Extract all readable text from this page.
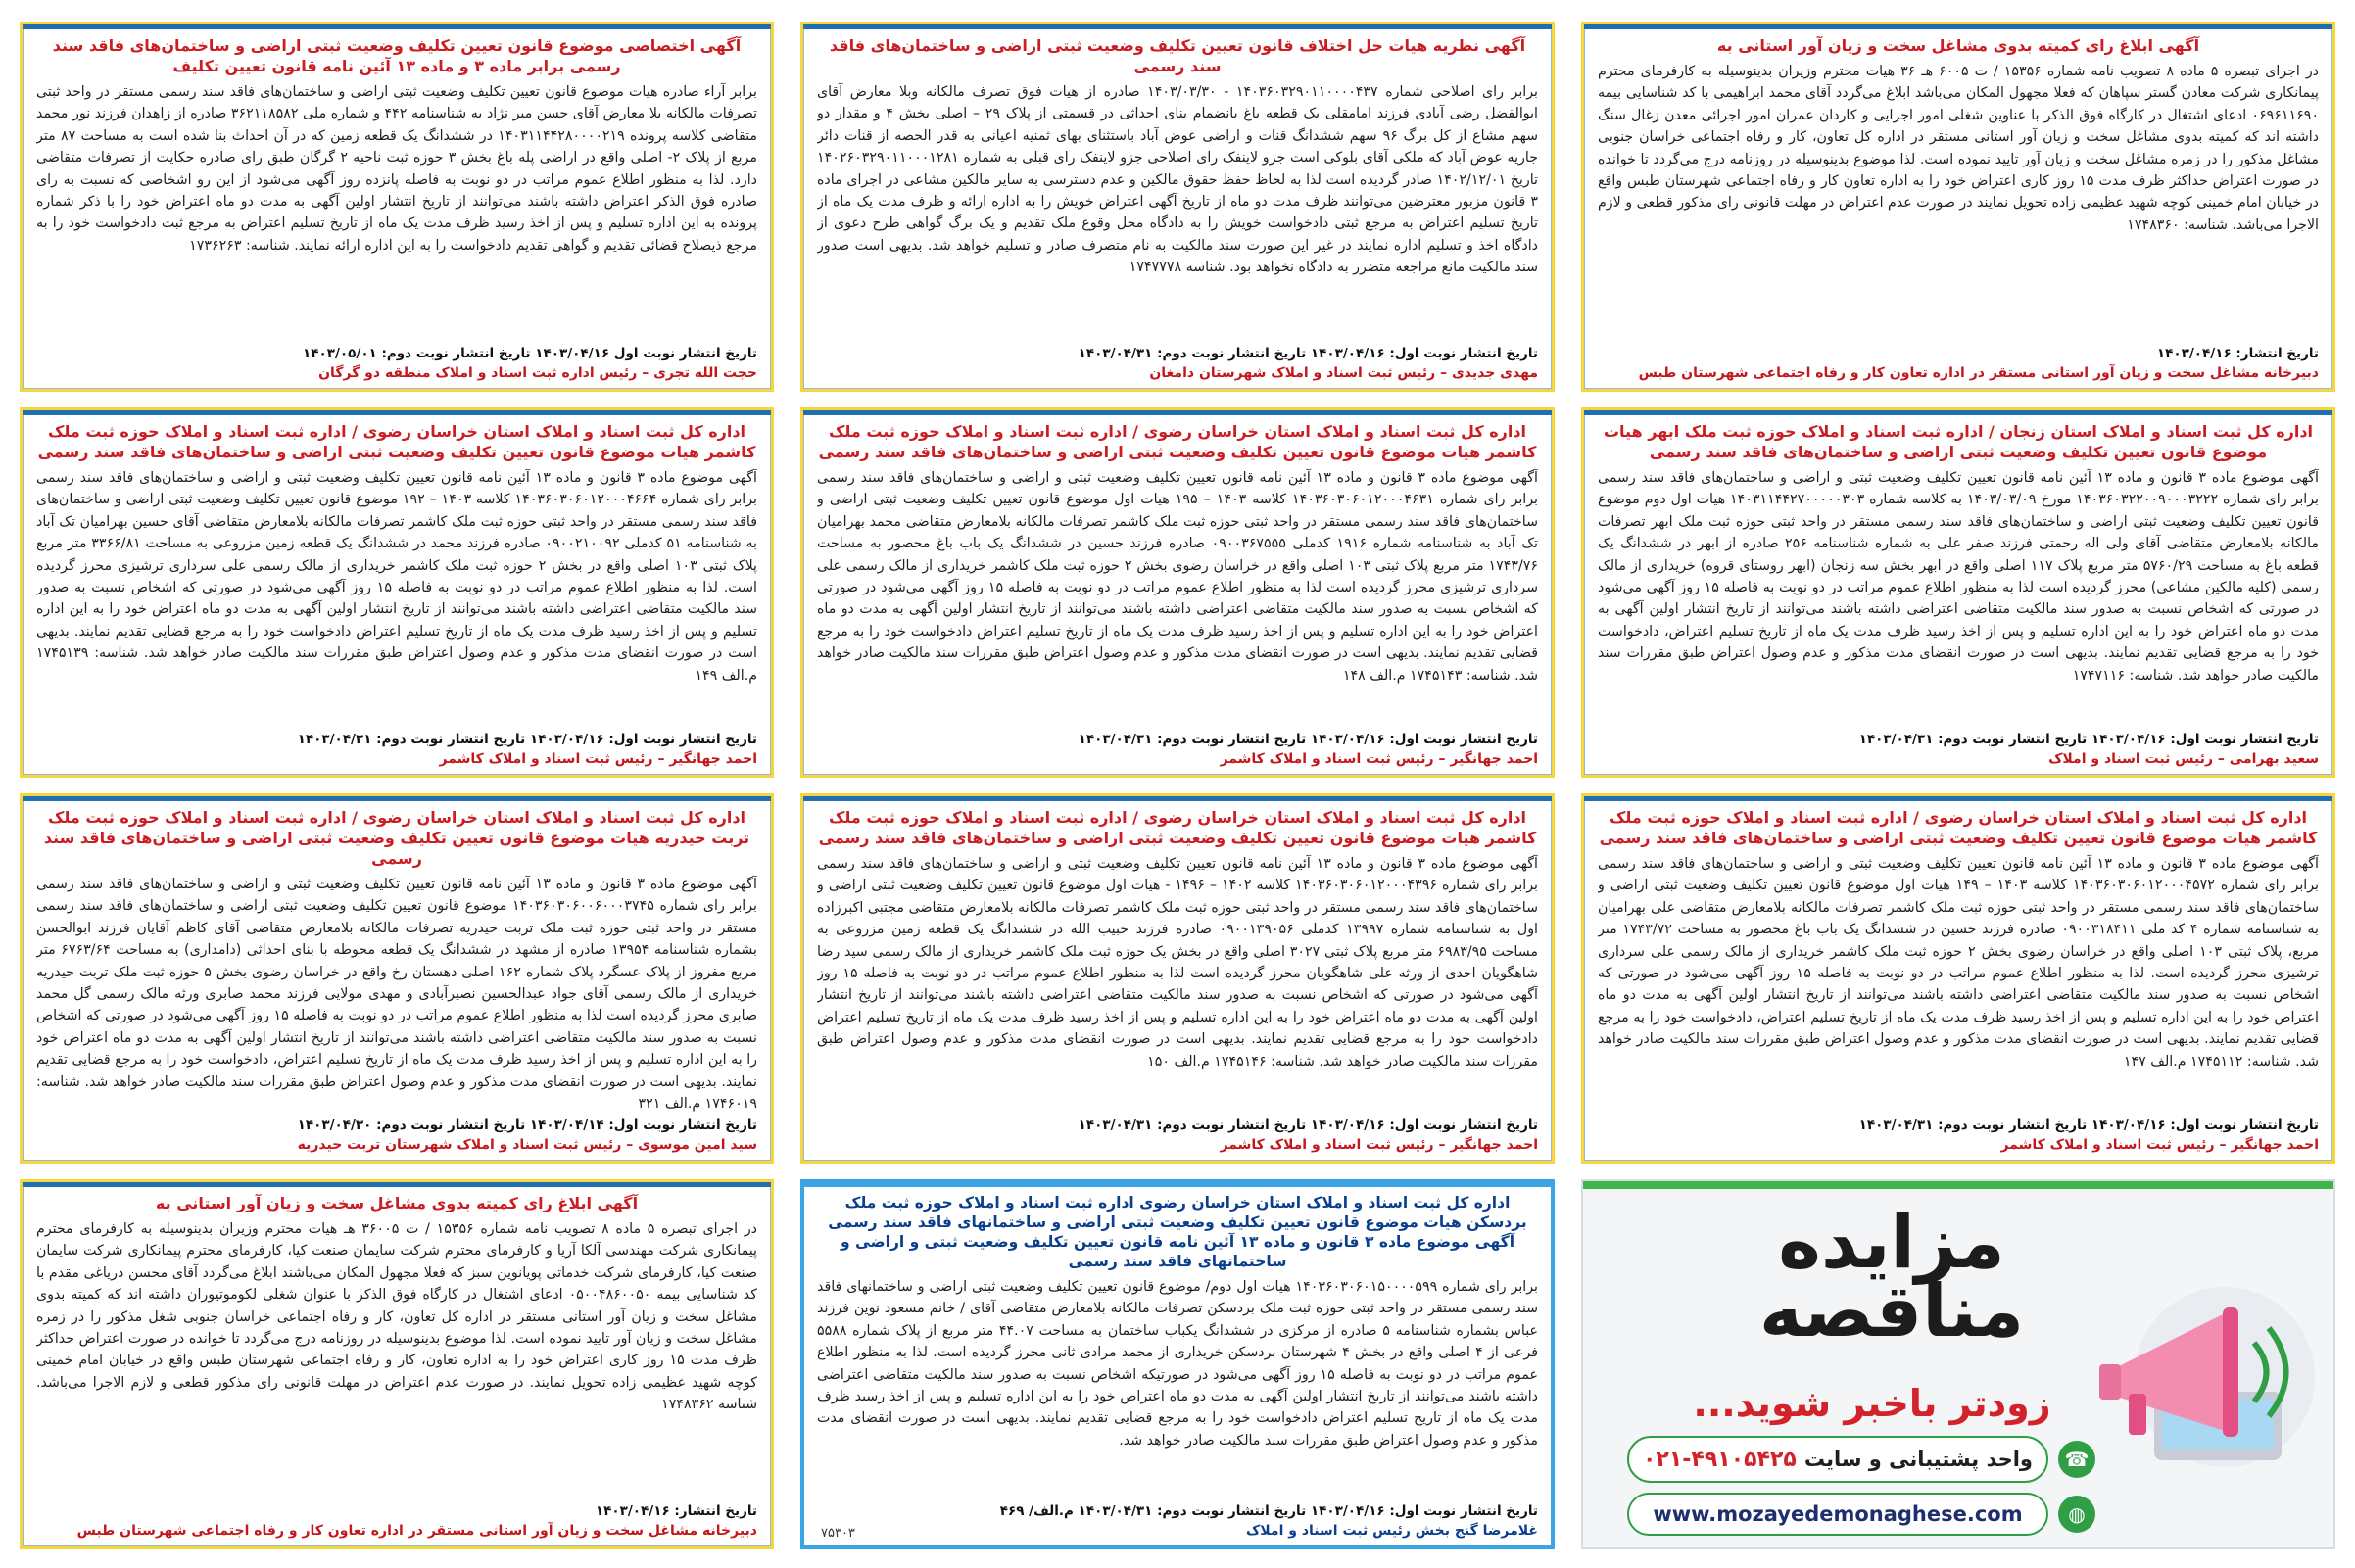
آگهی اختصاصی موضوع قانون تعیین تکلیف وضعیت ثبتی اراضی و ساختمان‌های فاقد سند رسمی برابر ماده ۳ و ماده ۱۳ آئین نامه قانون تعیین تکلیف
برابر آراء صادره هیات موضوع قانون تعیین تکلیف وضعیت ثبتی اراضی و ساختمان‌های فاقد سند رسمی مستقر در واحد ثبتی تصرفات مالکانه بلا معارض آقای حسن میر نژاد به شناسنامه ۴۴۲ و شماره ملی ۳۶۲۱۱۸۵۸۲ صادره از زاهدان فرزند نور محمد متقاضی کلاسه پرونده ۱۴۰۳۱۱۴۴۲۸۰۰۰۰۲۱۹ در ششدانگ یک قطعه زمین که در آن احداث بنا شده است به مساحت ۸۷ متر مربع از پلاک ۲- اصلی واقع در اراضی پله باغ بخش ۳ حوزه ثبت ناحیه ۲ گرگان طبق رای صادره حکایت از تصرفات متقاضی دارد. لذا به منظور اطلاع عموم مراتب در دو نوبت به فاصله پانزده روز آگهی می‌شود از این رو اشخاصی که نسبت به رای صادره فوق الذکر اعتراض داشته باشند می‌توانند از تاریخ انتشار اولین آگهی به مدت دو ماه اعتراض خود را با ذکر شماره پرونده به این اداره تسلیم و پس از اخذ رسید ظرف مدت یک ماه از تاریخ تسلیم اعتراض به مرجع ثبت دادخواست خود را به مرجع ذیصلاح قضائی تقدیم و گواهی تقدیم دادخواست را به این اداره ارائه نمایند. شناسه: ۱۷۳۶۲۶۳
تاریخ انتشار نوبت اول ۱۴۰۳/۰۴/۱۶ تاریخ انتشار نوبت دوم: ۱۴۰۳/۰۵/۰۱
حجت الله تجری – رئیس اداره ثبت اسناد و املاک منطقه دو گرگان
آگهی نظریه هیات حل اختلاف قانون تعیین تکلیف وضعیت ثبتی اراضی و ساختمان‌های فاقد سند رسمی
برابر رای اصلاحی شماره ۱۴۰۳۶۰۳۲۹۰۱۱۰۰۰۰۴۳۷ - ۱۴۰۳/۰۳/۳۰ صادره از هیات فوق تصرف مالکانه وبلا معارض آقای ابوالفضل رضی آبادی فرزند امامقلی یک قطعه باغ بانضمام بنای احداثی در قسمتی از پلاک ۲۹ – اصلی بخش ۴ و مقدار دو سهم مشاع از کل برگ ۹۶ سهم ششدانگ قنات و اراضی عوض آباد باستثنای بهای ثمنیه اعیانی به قدر الحصه از قنات دائر جاریه عوض آباد که ملکی آقای بلوکی است جزو لاینفک رای اصلاحی جزو لاینفک رای قبلی به شماره ۱۴۰۲۶۰۳۲۹۰۱۱۰۰۰۱۲۸۱ تاریخ ۱۴۰۲/۱۲/۰۱ صادر گردیده است لذا به لحاظ حفظ حقوق مالکین و عدم دسترسی به سایر مالکین مشاعی در اجرای ماده ۳ قانون مزبور معترضین می‌توانند ظرف مدت دو ماه از تاریخ آگهی اعتراض خویش را به اداره ارائه و ظرف مدت یک ماه از تاریخ تسلیم اعتراض به مرجع ثبتی دادخواست خویش را به دادگاه محل وقوع ملک تقدیم و یک برگ گواهی طرح دعوی از دادگاه اخذ و تسلیم اداره نمایند در غیر این صورت سند مالکیت به نام متصرف صادر و تسلیم خواهد شد. بدیهی است صدور سند مالکیت مانع مراجعه متضرر به دادگاه نخواهد بود. شناسه ۱۷۴۷۷۷۸
تاریخ انتشار نوبت اول: ۱۴۰۳/۰۴/۱۶ تاریخ انتشار نوبت دوم: ۱۴۰۳/۰۴/۳۱
مهدی جدیدی – رئیس ثبت اسناد و املاک شهرستان دامغان
آگهی ابلاغ رای کمیته بدوی مشاغل سخت و زیان آور استانی به
در اجرای تبصره ۵ ماده ۸ تصویب نامه شماره ۱۵۳۵۶ / ت ۶۰۰۵ هـ ۳۶ هیات محترم وزیران بدینوسیله به کارفرمای محترم پیمانکاری شرکت معادن گستر سپاهان که فعلا مجهول المکان می‌باشد ابلاغ می‌گردد آقای محمد ابراهیمی با کد شناسایی بیمه ۰۶۹۶۱۱۶۹۰ ادعای اشتغال در کارگاه فوق الذکر با عناوین شغلی امور اجرایی و کاردان عمران امور اجرائی معدن زغال سنگ داشته اند که کمیته بدوی مشاغل سخت و زیان آور استانی مستقر در اداره کل تعاون، کار و رفاه اجتماعی خراسان جنوبی مشاغل مذکور را در زمره مشاغل سخت و زیان آور تایید نموده است. لذا موضوع بدینوسیله در روزنامه درج می‌گردد تا خوانده در صورت اعتراض حداکثر ظرف مدت ۱۵ روز کاری اعتراض خود را به اداره تعاون کار و رفاه اجتماعی شهرستان طبس واقع در خیابان امام خمینی کوچه شهید عظیمی زاده تحویل نمایند در صورت عدم اعتراض در مهلت قانونی رای مذکور قطعی و لازم الاجرا می‌باشد. شناسه: ۱۷۴۸۳۶۰
تاریخ انتشار: ۱۴۰۳/۰۴/۱۶
دبیرخانه مشاغل سخت و زیان آور استانی مستقر در اداره تعاون کار و رفاه اجتماعی شهرستان طبس
اداره کل ثبت اسناد و املاک استان خراسان رضوی / اداره ثبت اسناد و املاک حوزه ثبت ملک کاشمر هیات موضوع قانون تعیین تکلیف وضعیت ثبتی اراضی و ساختمان‌های فاقد سند رسمی
آگهی موضوع ماده ۳ قانون و ماده ۱۳ آئین نامه قانون تعیین تکلیف وضعیت ثبتی و اراضی و ساختمان‌های فاقد سند رسمی برابر رای شماره ۱۴۰۳۶۰۳۰۶۰۱۲۰۰۰۴۶۶۴ کلاسه ۱۴۰۳ – ۱۹۲ موضوع قانون تعیین تکلیف وضعیت ثبتی اراضی و ساختمان‌های فاقد سند رسمی مستقر در واحد ثبتی حوزه ثبت ملک کاشمر تصرفات مالکانه بلامعارض متقاضی آقای حسین بهرامیان تک آباد به شناسنامه ۵۱ کدملی ۰۹۰۰۲۱۰۰۹۲ صادره فرزند محمد در ششدانگ یک قطعه زمین مزروعی به مساحت ۳۳۶۶/۸۱ متر مربع پلاک ثبتی ۱۰۳ اصلی واقع در بخش ۲ حوزه ثبت ملک کاشمر خریداری از مالک رسمی علی سرداری ترشیزی محرز گردیده است. لذا به منظور اطلاع عموم مراتب در دو نوبت به فاصله ۱۵ روز آگهی می‌شود در صورتی که اشخاص نسبت به صدور سند مالکیت متقاضی اعتراضی داشته باشند می‌توانند از تاریخ انتشار اولین آگهی به مدت دو ماه اعتراض خود را به این اداره تسلیم و پس از اخذ رسید ظرف مدت یک ماه از تاریخ تسلیم اعتراض دادخواست خود را به مرجع قضایی تقدیم نمایند. بدیهی است در صورت انقضای مدت مذکور و عدم وصول اعتراض طبق مقررات سند مالکیت صادر خواهد شد. شناسه: ۱۷۴۵۱۳۹ م.الف ۱۴۹
تاریخ انتشار نوبت اول: ۱۴۰۳/۰۴/۱۶ تاریخ انتشار نوبت دوم: ۱۴۰۳/۰۴/۳۱
احمد جهانگیر – رئیس ثبت اسناد و املاک کاشمر
اداره کل ثبت اسناد و املاک استان خراسان رضوی / اداره ثبت اسناد و املاک حوزه ثبت ملک کاشمر هیات موضوع قانون تعیین تکلیف وضعیت ثبتی اراضی و ساختمان‌های فاقد سند رسمی
آگهی موضوع ماده ۳ قانون و ماده ۱۳ آئین نامه قانون تعیین تکلیف وضعیت ثبتی و اراضی و ساختمان‌های فاقد سند رسمی برابر رای شماره ۱۴۰۳۶۰۳۰۶۰۱۲۰۰۰۴۶۳۱ کلاسه ۱۴۰۳ – ۱۹۵ هیات اول موضوع قانون تعیین تکلیف وضعیت ثبتی اراضی و ساختمان‌های فاقد سند رسمی مستقر در واحد ثبتی حوزه ثبت ملک کاشمر تصرفات مالکانه بلامعارض متقاضی محمد بهرامیان تک آباد به شناسنامه شماره ۱۹۱۶ کدملی ۰۹۰۰۳۶۷۵۵۵ صادره فرزند حسین در ششدانگ یک باب باغ محصور به مساحت ۱۷۴۳/۷۶ متر مربع پلاک ثبتی ۱۰۳ اصلی واقع در خراسان رضوی بخش ۲ حوزه ثبت ملک کاشمر خریداری از مالک رسمی علی سرداری ترشیزی محرز گردیده است لذا به منظور اطلاع عموم مراتب در دو نوبت به فاصله ۱۵ روز آگهی می‌شود در صورتی که اشخاص نسبت به صدور سند مالکیت متقاضی اعتراضی داشته باشند می‌توانند از تاریخ انتشار اولین آگهی به مدت دو ماه اعتراض خود را به این اداره تسلیم و پس از اخذ رسید ظرف مدت یک ماه از تاریخ تسلیم اعتراض دادخواست خود را به مرجع قضایی تقدیم نمایند. بدیهی است در صورت انقضای مدت مذکور و عدم وصول اعتراض طبق مقررات سند مالکیت صادر خواهد شد. شناسه: ۱۷۴۵۱۴۳ م.الف ۱۴۸
تاریخ انتشار نوبت اول: ۱۴۰۳/۰۴/۱۶ تاریخ انتشار نوبت دوم: ۱۴۰۳/۰۴/۳۱
احمد جهانگیر – رئیس ثبت اسناد و املاک کاشمر
اداره کل ثبت اسناد و املاک استان زنجان / اداره ثبت اسناد و املاک حوزه ثبت ملک ابهر هیات موضوع قانون تعیین تکلیف وضعیت ثبتی اراضی و ساختمان‌های فاقد سند رسمی
آگهی موضوع ماده ۳ قانون و ماده ۱۳ آئین نامه قانون تعیین تکلیف وضعیت ثبتی و اراضی و ساختمان‌های فاقد سند رسمی برابر رای شماره ۱۴۰۳۶۰۳۲۲۰۰۹۰۰۰۳۲۲۲ مورخ ۱۴۰۳/۰۳/۰۹ به کلاسه شماره ۱۴۰۳۱۱۴۴۲۷۰۰۰۰۰۳۰۳ هیات اول دوم موضوع قانون تعیین تکلیف وضعیت ثبتی اراضی و ساختمان‌های فاقد سند رسمی مستقر در واحد ثبتی حوزه ثبت ملک ابهر تصرفات مالکانه بلامعارض متقاضی آقای ولی اله رحمتی فرزند صفر علی به شماره شناسنامه ۲۵۶ صادره از ابهر در ششدانگ یک قطعه باغ به مساحت ۵۷۶۰/۲۹ متر مربع پلاک ۱۱۷ اصلی واقع در ابهر بخش سه زنجان (ابهر روستای قروه) خریداری از مالک رسمی (کلیه مالکین مشاعی) محرز گردیده است لذا به منظور اطلاع عموم مراتب در دو نوبت به فاصله ۱۵ روز آگهی می‌شود در صورتی که اشخاص نسبت به صدور سند مالکیت متقاضی اعتراضی داشته باشند می‌توانند از تاریخ انتشار اولین آگهی به مدت دو ماه اعتراض خود را به این اداره تسلیم و پس از اخذ رسید ظرف مدت یک ماه از تاریخ تسلیم اعتراض، دادخواست خود را به مرجع قضایی تقدیم نمایند. بدیهی است در صورت انقضای مدت مذکور و عدم وصول اعتراض طبق مقررات سند مالکیت صادر خواهد شد. شناسه: ۱۷۴۷۱۱۶
تاریخ انتشار نوبت اول: ۱۴۰۳/۰۴/۱۶ تاریخ انتشار نوبت دوم: ۱۴۰۳/۰۴/۳۱
سعید بهرامی – رئیس ثبت اسناد و املاک
اداره کل ثبت اسناد و املاک استان خراسان رضوی / اداره ثبت اسناد و املاک حوزه ثبت ملک تربت حیدریه هیات موضوع قانون تعیین تکلیف وضعیت ثبتی اراضی و ساختمان‌های فاقد سند رسمی
آگهی موضوع ماده ۳ قانون و ماده ۱۳ آئین نامه قانون تعیین تکلیف وضعیت ثبتی و اراضی و ساختمان‌های فاقد سند رسمی برابر رای شماره ۱۴۰۳۶۰۳۰۶۰۰۶۰۰۰۳۷۴۵ موضوع قانون تعیین تکلیف وضعیت ثبتی اراضی و ساختمان‌های فاقد سند رسمی مستقر در واحد ثبتی حوزه ثبت ملک تربت حیدریه تصرفات مالکانه بلامعارض متقاضی آقای کاظم آقایان فرزند ابوالحسن بشماره شناسنامه ۱۳۹۵۴ صادره از مشهد در ششدانگ یک قطعه محوطه با بنای احداثی (دامداری) به مساحت ۶۷۶۳/۶۴ متر مربع مفروز از پلاک عسگرد پلاک شماره ۱۶۲ اصلی دهستان رخ واقع در خراسان رضوی بخش ۵ حوزه ثبت ملک تربت حیدریه خریداری از مالک رسمی آقای جواد عبدالحسین نصیرآبادی و مهدی مولایی فرزند محمد صابری ورثه مالک رسمی گل محمد صابری محرز گردیده است لذا به منظور اطلاع عموم مراتب در دو نوبت به فاصله ۱۵ روز آگهی می‌شود در صورتی که اشخاص نسبت به صدور سند مالکیت متقاضی اعتراضی داشته باشند می‌توانند از تاریخ انتشار اولین آگهی به مدت دو ماه اعتراض خود را به این اداره تسلیم و پس از اخذ رسید ظرف مدت یک ماه از تاریخ تسلیم اعتراض، دادخواست خود را به مرجع قضایی تقدیم نمایند. بدیهی است در صورت انقضای مدت مذکور و عدم وصول اعتراض طبق مقررات سند مالکیت صادر خواهد شد. شناسه: ۱۷۴۶۰۱۹ م.الف ۳۲۱
تاریخ انتشار نوبت اول: ۱۴۰۳/۰۴/۱۴ تاریخ انتشار نوبت دوم: ۱۴۰۳/۰۴/۳۰
سید امین موسوی – رئیس ثبت اسناد و املاک شهرستان تربت حیدریه
اداره کل ثبت اسناد و املاک استان خراسان رضوی / اداره ثبت اسناد و املاک حوزه ثبت ملک کاشمر هیات موضوع قانون تعیین تکلیف وضعیت ثبتی اراضی و ساختمان‌های فاقد سند رسمی
آگهی موضوع ماده ۳ قانون و ماده ۱۳ آئین نامه قانون تعیین تکلیف وضعیت ثبتی و اراضی و ساختمان‌های فاقد سند رسمی برابر رای شماره ۱۴۰۳۶۰۳۰۶۰۱۲۰۰۰۴۳۹۶ کلاسه ۱۴۰۲ – ۱۴۹۶ - هیات اول موضوع قانون تعیین تکلیف وضعیت ثبتی اراضی و ساختمان‌های فاقد سند رسمی مستقر در واحد ثبتی حوزه ثبت ملک کاشمر تصرفات مالکانه بلامعارض متقاضی مجتبی اکبرزاده اول به شناسنامه شماره ۱۳۹۹۷ کدملی ۰۹۰۰۱۳۹۰۵۶ صادره فرزند حبیب الله در ششدانگ یک قطعه زمین مزروعی به مساحت ۶۹۸۳/۹۵ متر مربع پلاک ثبتی ۳۰۲۷ اصلی واقع در بخش یک حوزه ثبت ملک کاشمر خریداری از مالک رسمی سید رضا شاهگویان احدی از ورثه علی شاهگویان محرز گردیده است لذا به منظور اطلاع عموم مراتب در دو نوبت به فاصله ۱۵ روز آگهی می‌شود در صورتی که اشخاص نسبت به صدور سند مالکیت متقاضی اعتراضی داشته باشند می‌توانند از تاریخ انتشار اولین آگهی به مدت دو ماه اعتراض خود را به این اداره تسلیم و پس از اخذ رسید ظرف مدت یک ماه از تاریخ تسلیم اعتراض دادخواست خود را به مرجع قضایی تقدیم نمایند. بدیهی است در صورت انقضای مدت مذکور و عدم وصول اعتراض طبق مقررات سند مالکیت صادر خواهد شد. شناسه: ۱۷۴۵۱۴۶ م.الف ۱۵۰
تاریخ انتشار نوبت اول: ۱۴۰۳/۰۴/۱۶ تاریخ انتشار نوبت دوم: ۱۴۰۳/۰۴/۳۱
احمد جهانگیر – رئیس ثبت اسناد و املاک کاشمر
اداره کل ثبت اسناد و املاک استان خراسان رضوی / اداره ثبت اسناد و املاک حوزه ثبت ملک کاشمر هیات موضوع قانون تعیین تکلیف وضعیت ثبتی اراضی و ساختمان‌های فاقد سند رسمی
آگهی موضوع ماده ۳ قانون و ماده ۱۳ آئین نامه قانون تعیین تکلیف وضعیت ثبتی و اراضی و ساختمان‌های فاقد سند رسمی برابر رای شماره ۱۴۰۳۶۰۳۰۶۰۱۲۰۰۰۴۵۷۲ کلاسه ۱۴۰۳ – ۱۴۹ هیات اول موضوع قانون تعیین تکلیف وضعیت ثبتی اراضی و ساختمان‌های فاقد سند رسمی مستقر در واحد ثبتی حوزه ثبت ملک کاشمر تصرفات مالکانه بلامعارض متقاضی علی بهرامیان به شناسنامه شماره ۴ کد ملی ۰۹۰۰۳۱۸۴۱۱ صادره فرزند حسین در ششدانگ یک باب باغ محصور به مساحت ۱۷۴۳/۷۲ متر مربع، پلاک ثبتی ۱۰۳ اصلی واقع در خراسان رضوی بخش ۲ حوزه ثبت ملک کاشمر خریداری از مالک رسمی علی سرداری ترشیزی محرز گردیده است. لذا به منظور اطلاع عموم مراتب در دو نوبت به فاصله ۱۵ روز آگهی می‌شود در صورتی که اشخاص نسبت به صدور سند مالکیت متقاضی اعتراضی داشته باشند می‌توانند از تاریخ انتشار اولین آگهی به مدت دو ماه اعتراض خود را به این اداره تسلیم و پس از اخذ رسید ظرف مدت یک ماه از تاریخ تسلیم اعتراض، دادخواست خود را به مرجع قضایی تقدیم نمایند. بدیهی است در صورت انقضای مدت مذکور و عدم وصول اعتراض طبق مقررات سند مالکیت صادر خواهد شد. شناسه: ۱۷۴۵۱۱۲ م.الف ۱۴۷
تاریخ انتشار نوبت اول: ۱۴۰۳/۰۴/۱۶ تاریخ انتشار نوبت دوم: ۱۴۰۳/۰۴/۳۱
احمد جهانگیر – رئیس ثبت اسناد و املاک کاشمر
آگهی ابلاغ رای کمیته بدوی مشاغل سخت و زیان آور استانی به
در اجرای تبصره ۵ ماده ۸ تصویب نامه شماره ۱۵۳۵۶ / ت ۳۶۰۰۵ هـ هیات محترم وزیران بدینوسیله به کارفرمای محترم پیمانکاری شرکت مهندسی آلکا آریا و کارفرمای محترم شرکت سایمان صنعت کیا، کارفرمای محترم پیمانکاری شرکت سایمان صنعت کیا، کارفرمای شرکت خدماتی پویانوین سبز که فعلا مجهول المکان می‌باشند ابلاغ می‌گردد آقای محسن دریاغی مقدم با کد شناسایی بیمه ۰۵۰۰۴۸۶۰۰۵۰ ادعای اشتغال در کارگاه فوق الذکر با عنوان شغلی لکوموتیوران داشته اند که کمیته بدوی مشاغل سخت و زیان آور استانی مستقر در اداره کل تعاون، کار و رفاه اجتماعی خراسان جنوبی شغل مذکور را در زمره مشاغل سخت و زیان آور تایید نموده است. لذا موضوع بدینوسیله در روزنامه درج می‌گردد تا خوانده در صورت اعتراض حداکثر ظرف مدت ۱۵ روز کاری اعتراض خود را به اداره تعاون، کار و رفاه اجتماعی شهرستان طبس واقع در خیابان امام خمینی کوچه شهید عظیمی زاده تحویل نمایند. در صورت عدم اعتراض در مهلت قانونی رای مذکور قطعی و لازم الاجرا می‌باشد. شناسه ۱۷۴۸۳۶۲
تاریخ انتشار: ۱۴۰۳/۰۴/۱۶
دبیرخانه مشاغل سخت و زیان آور استانی مستقر در اداره تعاون کار و رفاه اجتماعی شهرستان طبس
اداره کل ثبت اسناد و املاک استان خراسان رضوی اداره ثبت اسناد و املاک حوزه ثبت ملک بردسکن هیات موضوع قانون تعیین تکلیف وضعیت ثبتی اراضی و ساختمانهای فاقد سند رسمی آگهی موضوع ماده ۳ قانون و ماده ۱۳ آئین نامه قانون تعیین تکلیف وضعیت ثبتی و اراضی و ساختمانهای فاقد سند رسمی
برابر رای شماره ۱۴۰۳۶۰۳۰۶۰۱۵۰۰۰۰۵۹۹ هیات اول دوم/ موضوع قانون تعیین تکلیف وضعیت ثبتی اراضی و ساختمانهای فاقد سند رسمی مستقر در واحد ثبتی حوزه ثبت ملک بردسکن تصرفات مالکانه بلامعارض متقاضی آقای / خانم مسعود نوین فرزند عباس بشماره شناسنامه ۵ صادره از مرکزی در ششدانگ یکباب ساختمان به مساحت ۴۴.۰۷ متر مربع از پلاک شماره ۵۵۸۸ فرعی از ۴ اصلی واقع در بخش ۴ شهرستان بردسکن خریداری از محمد مرادی ثانی محرز گردیده است. لذا به منظور اطلاع عموم مراتب در دو نوبت به فاصله ۱۵ روز آگهی می‌شود در صورتیکه اشخاص نسبت به صدور سند مالکیت متقاضی اعتراضی داشته باشند می‌توانند از تاریخ انتشار اولین آگهی به مدت دو ماه اعتراض خود را به این اداره تسلیم و پس از اخذ رسید ظرف مدت یک ماه از تاریخ تسلیم اعتراض دادخواست خود را به مرجع قضایی تقدیم نمایند. بدیهی است در صورت انقضای مدت مذکور و عدم وصول اعتراض طبق مقررات سند مالکیت صادر خواهد شد.
تاریخ انتشار نوبت اول: ۱۴۰۳/۰۴/۱۶ تاریخ انتشار نوبت دوم: ۱۴۰۳/۰۴/۳۱ م.الف/ ۴۶۹
غلامرضا گنج بخش رئیس ثبت اسناد و املاک
۷۵۳۰۳
مزایده
مناقصه
زودتر باخبر شوید...
واحد پشتیبانی و سایت
۰۲۱-۴۹۱۰۵۴۲۵	☎
www.mozayedemonaghese.com	◍
